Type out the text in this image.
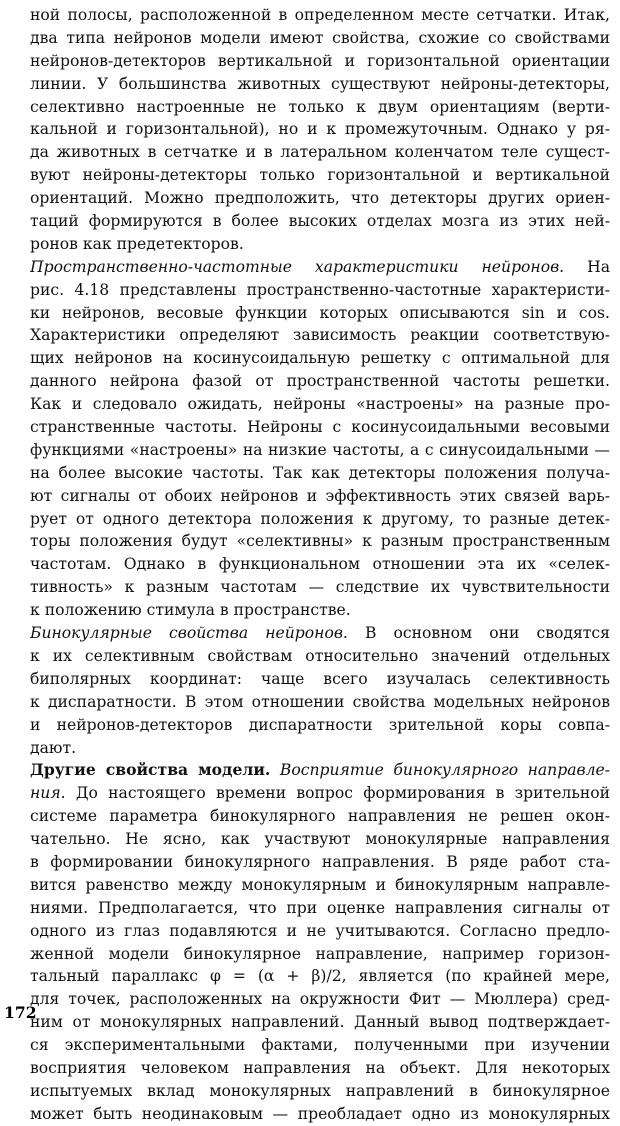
ной полосы, расположенной в определенном месте сетчатки. Итак,
два типа нейронов модели имеют свойства, схожие со свойствами
нейронов-детекторов вертикальной и горизонтальной ориентации
линии. У большинства животных существуют нейроны-детекторы,
селективно настроенные не только к двум ориентациям (верти-
кальной и горизонтальной), но и к промежуточным. Однако у ря-
да животных в сетчатке и в латеральном коленчатом теле сущест-
вуют нейроны-детекторы только горизонтальной и вертикальной
ориентаций. Можно предположить, что детекторы других ориен-
таций формируются в более высоких отделах мозга из этих ней-
ронов как предетекторов.
Пространственно-частотные характеристики нейронов. На
рис. 4.18 представлены пространственно-частотные характеристи-
ки нейронов, весовые функции которых описываются sin и cos.
Характеристики определяют зависимость реакции соответствую-
щих нейронов на косинусоидальную решетку с оптимальной для
данного нейрона фазой от пространственной частоты решетки.
Как и следовало ожидать, нейроны «настроены» на разные про-
странственные частоты. Нейроны с косинусоидальными весовыми
функциями «настроены» на низкие частоты, а с синусоидальными —
на более высокие частоты. Так как детекторы положения получа-
ют сигналы от обоих нейронов и эффективность этих связей варь-
рует от одного детектора положения к другому, то разные детек-
торы положения будут «селективны» к разным пространственным
частотам. Однако в функциональном отношении эта их «селек-
тивность» к разным частотам — следствие их чувствительности
к положению стимула в пространстве.
Бинокулярные свойства нейронов. В основном они сводятся
к их селективным свойствам относительно значений отдельных
биполярных координат: чаще всего изучалась селективность
к диспаратности. В этом отношении свойства модельных нейронов
и нейронов-детекторов диспаратности зрительной коры совпа-
дают.
Другие свойства модели. Восприятие бинокулярного направле-
ния. До настоящего времени вопрос формирования в зрительной
системе параметра бинокулярного направления не решен окон-
чательно. Не ясно, как участвуют монокулярные направления
в формировании бинокулярного направления. В ряде работ ста-
вится равенство между монокулярным и бинокулярным направле-
ниями. Предполагается, что при оценке направления сигналы от
одного из глаз подавляются и не учитываются. Согласно предло-
женной модели бинокулярное направление, например горизон-
тальный параллакс φ = (α + β)/2, является (по крайней мере,
для точек, расположенных на окружности Фит — Мюллера) сред-
ним от монокулярных направлений. Данный вывод подтверждает-
ся экспериментальными фактами, полученными при изучении
восприятия человеком направления на объект. Для некоторых
испытуемых вклад монокулярных направлений в бинокулярное
может быть неодинаковым — преобладает одно из монокулярных
172
